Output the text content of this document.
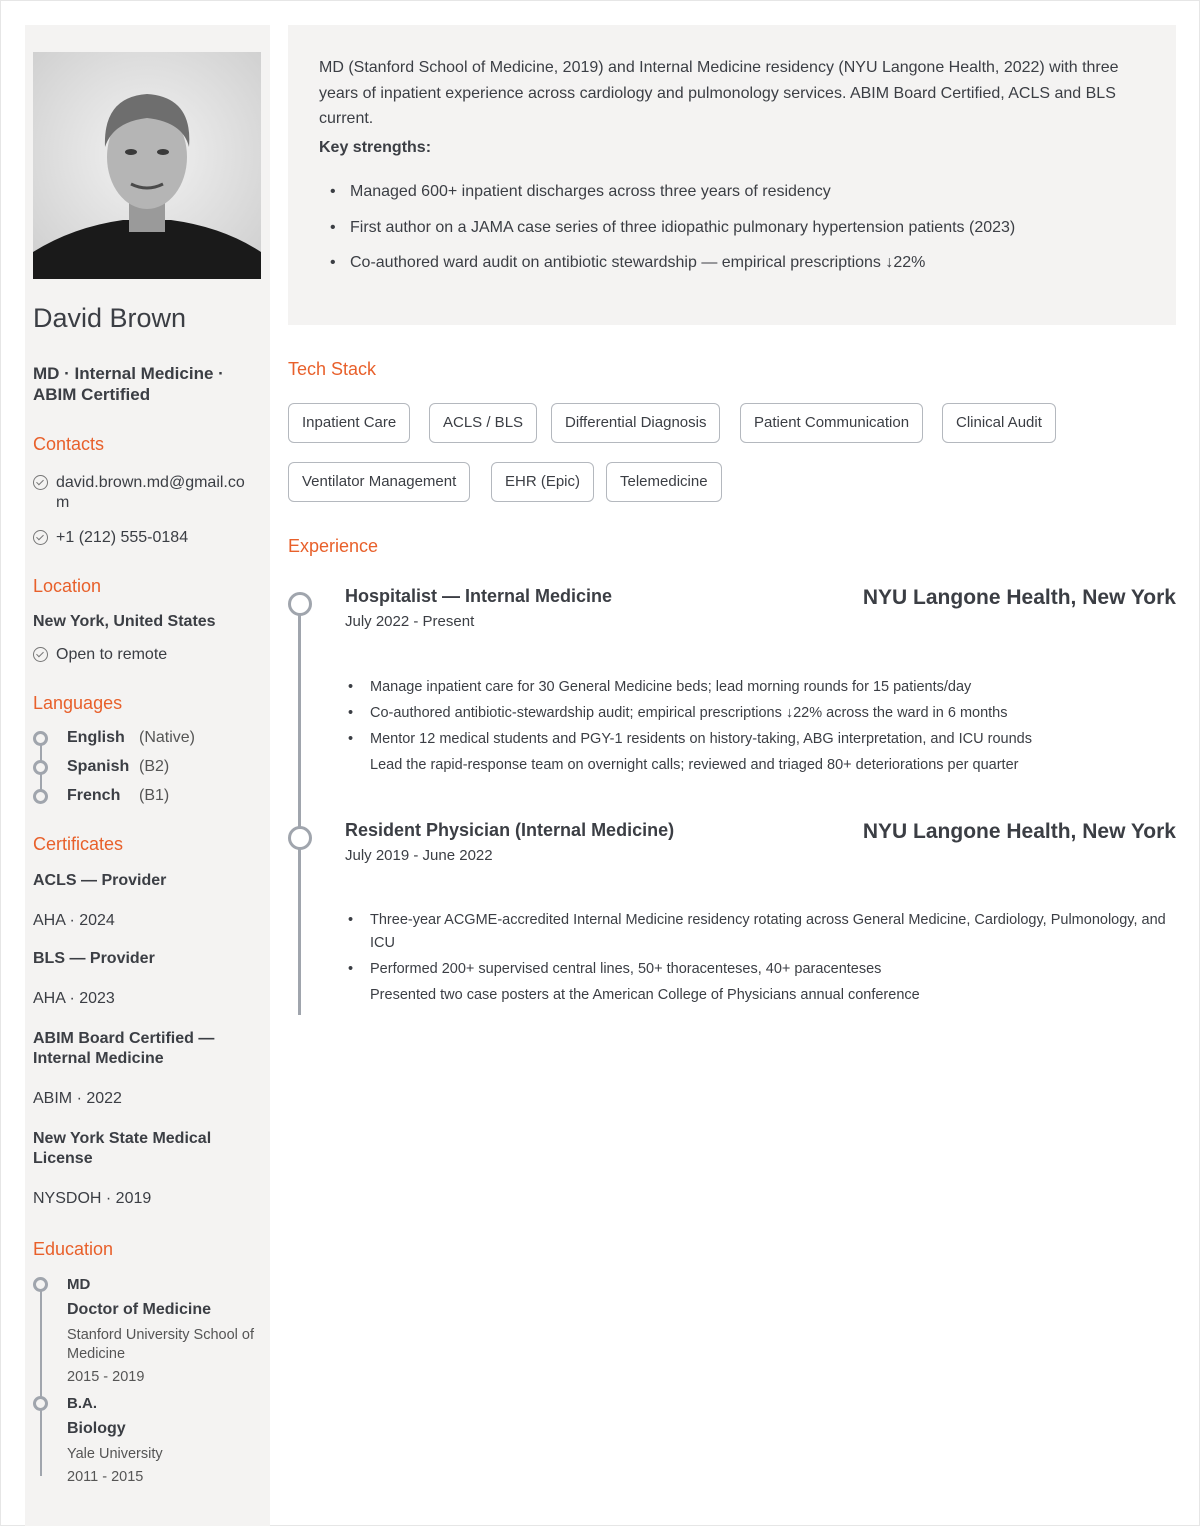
David Brown
MD · Internal Medicine · ABIM Certified
Contacts
david.brown.md@gmail.com
+1 (212) 555-0184
Location
New York, United States
Open to remote
Languages
English (Native)
Spanish (B2)
French	(B1)
Certificates
ACLS — Provider
AHA · 2024
BLS — Provider
AHA · 2023
ABIM Board Certified — Internal Medicine
ABIM · 2022
New York State Medical License
NYSDOH · 2019
Education
MD
Doctor of Medicine
Stanford University School of Medicine
2015 - 2019
B.A.
Biology
Yale University
2011 - 2015
MD (Stanford School of Medicine, 2019) and Internal Medicine residency (NYU Langone Health, 2022) with three years of inpatient experience across cardiology and pulmonology services. ABIM Board Certified, ACLS and BLS current.
Key strengths:
• Managed 600+ inpatient discharges across three years of residency
• First author on a JAMA case series of three idiopathic pulmonary hypertension patients (2023)
• Co-authored ward audit on antibiotic stewardship — empirical prescriptions ↓22%
Tech Stack
Inpatient Care	ACLS / BLS	Differential Diagnosis	Patient Communication	Clinical Audit
Ventilator Management	EHR (Epic)	Telemedicine
Experience
Hospitalist — Internal Medicine	NYU Langone Health, New York
July 2022 - Present
•	Manage inpatient care for 30 General Medicine beds; lead morning rounds for 15 patients/day
•	Co-authored antibiotic-stewardship audit; empirical prescriptions ↓22% across the ward in 6 months
•	Mentor 12 medical students and PGY-1 residents on history-taking, ABG interpretation, and ICU rounds
Lead the rapid-response team on overnight calls; reviewed and triaged 80+ deteriorations per quarter
Resident Physician (Internal Medicine)	NYU Langone Health, New York
July 2019 - June 2022
•	Three-year ACGME-accredited Internal Medicine residency rotating across General Medicine, Cardiology, Pulmonology, and ICU
•	Performed 200+ supervised central lines, 50+ thoracenteses, 40+ paracenteses
Presented two case posters at the American College of Physicians annual conference
